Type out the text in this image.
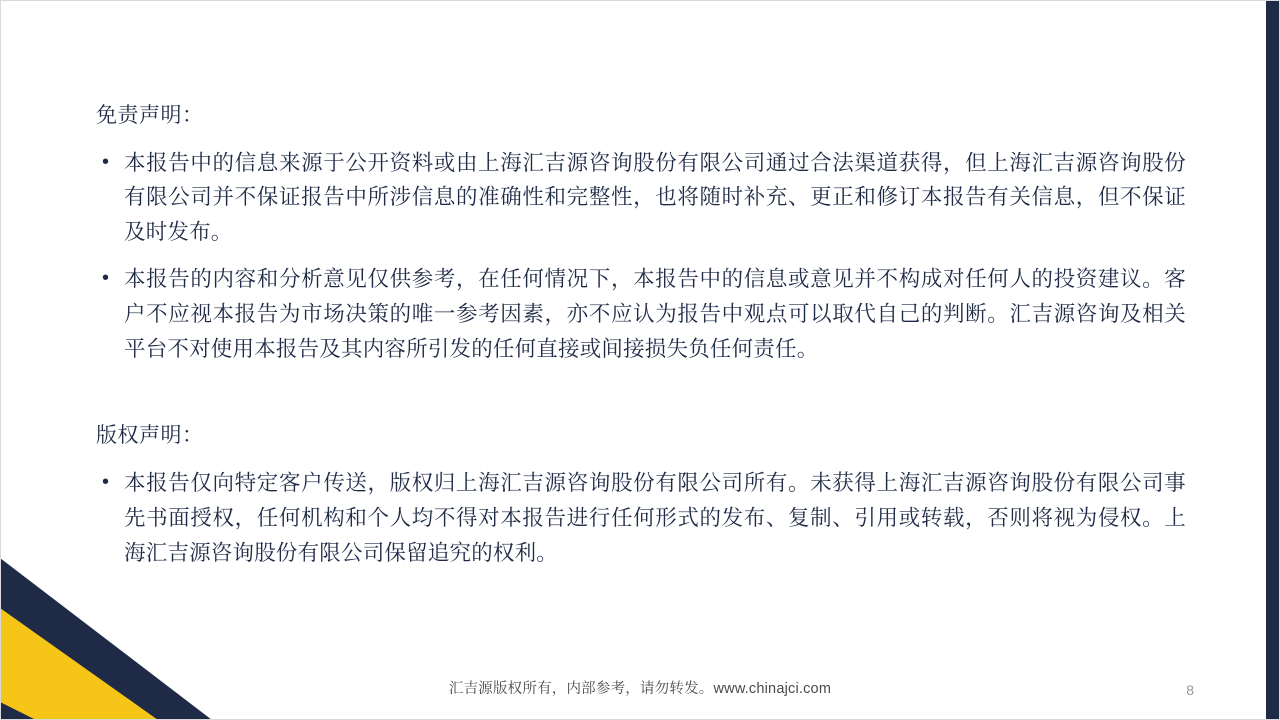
免责声明：
• 本报告中的信息来源于公开资料或由上海汇吉源咨询股份有限公司通过合法渠道获得，但上海汇吉源咨询股份有限公司并不保证报告中所涉信息的准确性和完整性，也将随时补充、更正和修订本报告有关信息，但不保证及时发布。
• 本报告的内容和分析意见仅供参考，在任何情况下，本报告中的信息或意见并不构成对任何人的投资建议。客户不应视本报告为市场决策的唯一参考因素，亦不应认为报告中观点可以取代自己的判断。汇吉源咨询及相关平台不对使用本报告及其内容所引发的任何直接或间接损失负任何责任。
版权声明：
• 本报告仅向特定客户传送，版权归上海汇吉源咨询股份有限公司所有。未获得上海汇吉源咨询股份有限公司事先书面授权，任何机构和个人均不得对本报告进行任何形式的发布、复制、引用或转载，否则将视为侵权。上海汇吉源咨询股份有限公司保留追究的权利。
汇吉源版权所有，内部参考，请勿转发。www.chinajci.com	8
